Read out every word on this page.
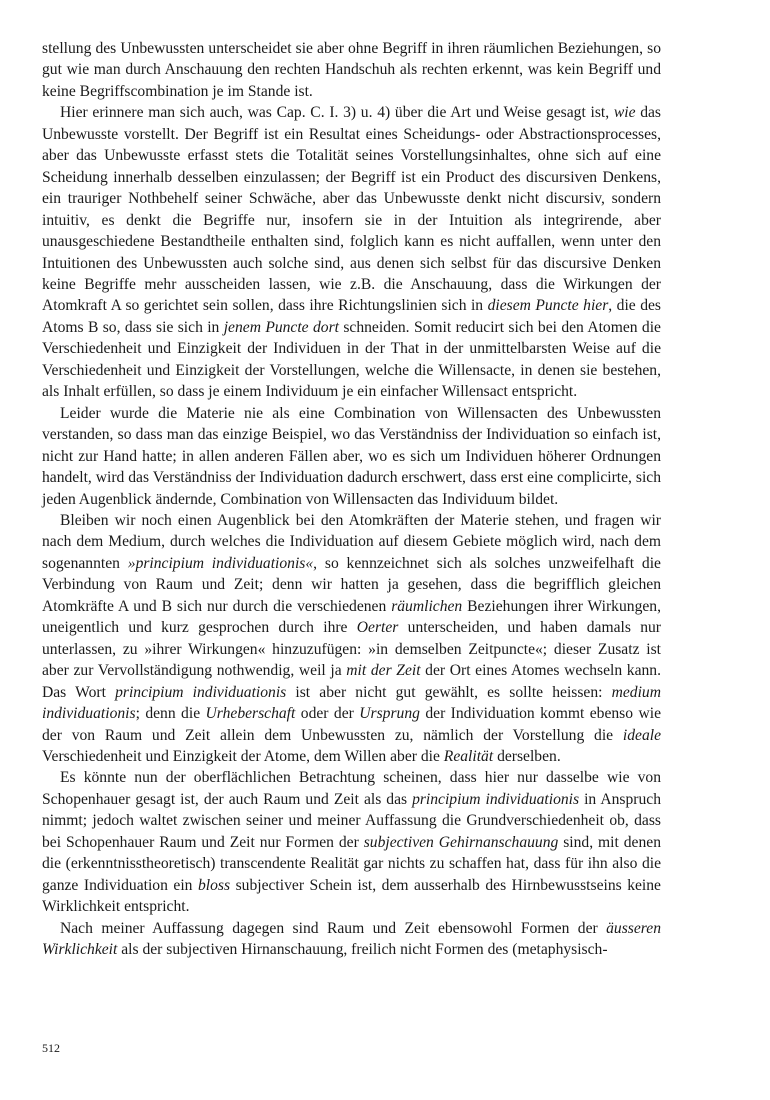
stellung des Unbewussten unterscheidet sie aber ohne Begriff in ihren räumlichen Beziehungen, so gut wie man durch Anschauung den rechten Handschuh als rechten erkennt, was kein Begriff und keine Begriffscombination je im Stande ist.

Hier erinnere man sich auch, was Cap. C. I. 3) u. 4) über die Art und Weise gesagt ist, wie das Unbewusste vorstellt. Der Begriff ist ein Resultat eines Scheidungs- oder Abstractionsprocesses, aber das Unbewusste erfasst stets die Totalität seines Vorstellungsinhaltes, ohne sich auf eine Scheidung innerhalb desselben einzulassen; der Begriff ist ein Product des discursiven Denkens, ein trauriger Nothbehelf seiner Schwäche, aber das Unbewusste denkt nicht discursiv, sondern intuitiv, es denkt die Begriffe nur, insofern sie in der Intuition als integrirende, aber unausgeschiedene Bestandtheile enthalten sind, folglich kann es nicht auffallen, wenn unter den Intuitionen des Unbewussten auch solche sind, aus denen sich selbst für das discursive Denken keine Begriffe mehr ausscheiden lassen, wie z.B. die Anschauung, dass die Wirkungen der Atomkraft A so gerichtet sein sollen, dass ihre Richtungslinien sich in diesem Puncte hier, die des Atoms B so, dass sie sich in jenem Puncte dort schneiden. Somit reducirt sich bei den Atomen die Verschiedenheit und Einzigkeit der Individuen in der That in der unmittelbarsten Weise auf die Verschiedenheit und Einzigkeit der Vorstellungen, welche die Willensacte, in denen sie bestehen, als Inhalt erfüllen, so dass je einem Individuum je ein einfacher Willensact entspricht.

Leider wurde die Materie nie als eine Combination von Willensacten des Unbewussten verstanden, so dass man das einzige Beispiel, wo das Verständniss der Individuation so einfach ist, nicht zur Hand hatte; in allen anderen Fällen aber, wo es sich um Individuen höherer Ordnungen handelt, wird das Verständniss der Individuation dadurch erschwert, dass erst eine complicirte, sich jeden Augenblick ändernde, Combination von Willensacten das Individuum bildet.

Bleiben wir noch einen Augenblick bei den Atomkräften der Materie stehen, und fragen wir nach dem Medium, durch welches die Individuation auf diesem Gebiete möglich wird, nach dem sogenannten »principium individuationis«, so kennzeichnet sich als solches unzweifelhaft die Verbindung von Raum und Zeit; denn wir hatten ja gesehen, dass die begrifflich gleichen Atomkräfte A und B sich nur durch die verschiedenen räumlichen Beziehungen ihrer Wirkungen, uneigentlich und kurz gesprochen durch ihre Oerter unterscheiden, und haben damals nur unterlassen, zu »ihrer Wirkungen« hinzuzufügen: »in demselben Zeitpuncte«; dieser Zusatz ist aber zur Vervollständigung nothwendig, weil ja mit der Zeit der Ort eines Atomes wechseln kann. Das Wort principium individuationis ist aber nicht gut gewählt, es sollte heissen: medium individuationis; denn die Urheberschaft oder der Ursprung der Individuation kommt ebenso wie der von Raum und Zeit allein dem Unbewussten zu, nämlich der Vorstellung die ideale Verschiedenheit und Einzigkeit der Atome, dem Willen aber die Realität derselben.

Es könnte nun der oberflächlichen Betrachtung scheinen, dass hier nur dasselbe wie von Schopenhauer gesagt ist, der auch Raum und Zeit als das principium individuationis in Anspruch nimmt; jedoch waltet zwischen seiner und meiner Auffassung die Grundverschiedenheit ob, dass bei Schopenhauer Raum und Zeit nur Formen der subjectiven Gehirnanschauung sind, mit denen die (erkenntnisstheoretisch) transcendente Realität gar nichts zu schaffen hat, dass für ihn also die ganze Individuation ein bloss subjectiver Schein ist, dem ausserhalb des Hirnbewusstseins keine Wirklichkeit entspricht.

Nach meiner Auffassung dagegen sind Raum und Zeit ebensowohl Formen der äusseren Wirklichkeit als der subjectiven Hirnanschauung, freilich nicht Formen des (metaphysisch-

512
